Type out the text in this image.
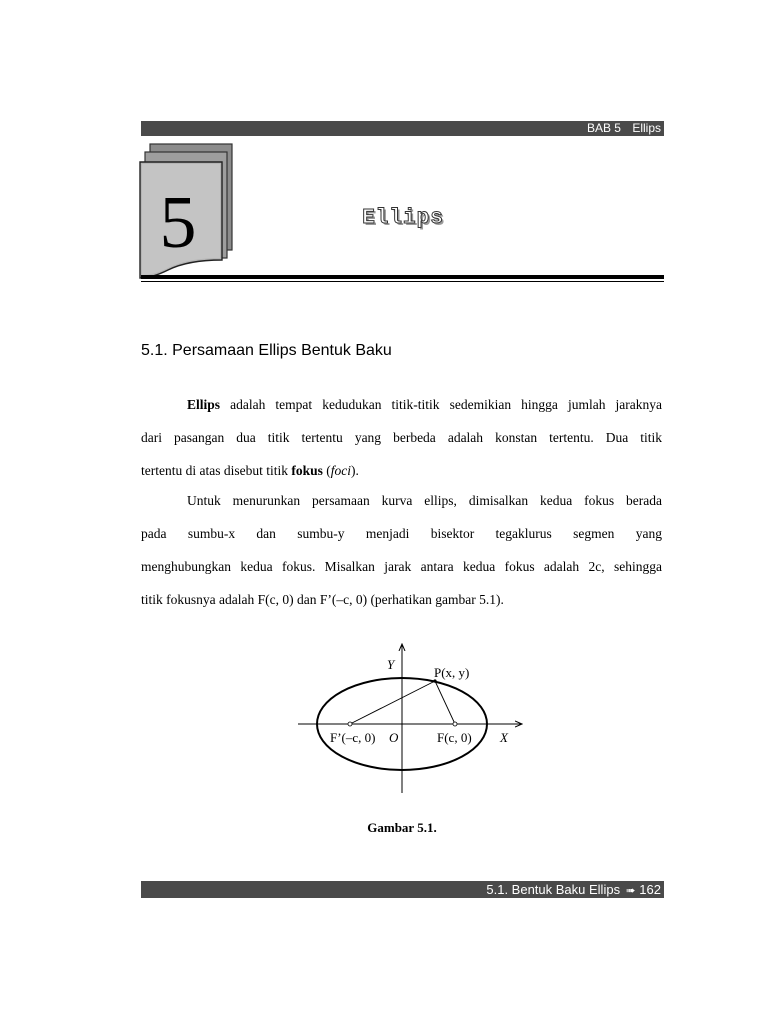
BAB 5 Ellips
5	Ellips
5.1. Persamaan Ellips Bentuk Baku
Ellips adalah tempat kedudukan titik-titik sedemikian hingga jumlah jaraknya
dari pasangan dua titik tertentu yang berbeda adalah konstan tertentu. Dua titik
tertentu di atas disebut titik fokus (foci).
Untuk menurunkan persamaan kurva ellips, dimisalkan kedua fokus berada
pada sumbu-x dan sumbu-y menjadi bisektor tegaklurus segmen yang
menghubungkan kedua fokus. Misalkan jarak antara kedua fokus adalah 2c, sehingga
titik fokusnya adalah F(c, 0) dan F’(–c, 0) (perhatikan gambar 5.1).
Y
P(x, y)
F’(–c, 0) O	F(c, 0) X
Gambar 5.1.
5.1. Bentuk Baku Ellips ➠ 162
